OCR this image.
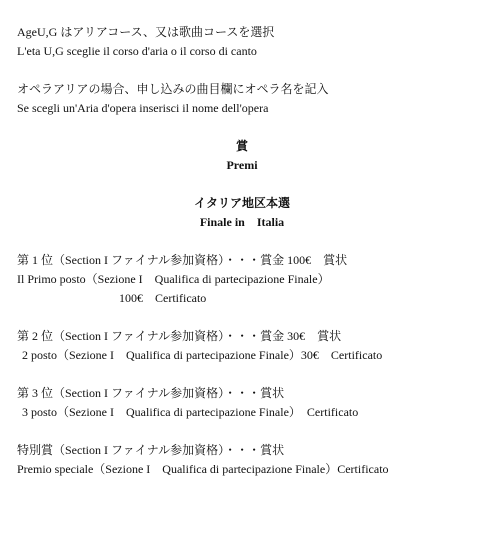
AgeU,G はアリアコース、又は歌曲コースを選択
L'eta U,G sceglie il corso d'aria o il corso di canto
オペラアリアの場合、申し込みの曲目欄にオペラ名を記入
Se scegli un'Aria d'opera inserisci il nome dell'opera
賞
Premi
イタリア地区本選
Finale in　Italia
第 1 位（Section I ファイナル参加資格）・・・賞金 100€　賞状
Il Primo posto（Sezione I　Qualifica di partecipazione Finale）
100€　Certificato
第 2 位（Section I ファイナル参加資格）・・・賞金 30€　賞状
2 posto（Sezione I　Qualifica di partecipazione Finale）30€　Certificato
第 3 位（Section I ファイナル参加資格）・・・賞状
3 posto（Sezione I　Qualifica di partecipazione Finale）　Certificato
特別賞（Section I ファイナル参加資格）・・・賞状
Premio speciale（Sezione I　Qualifica di partecipazione Finale）Certificato
